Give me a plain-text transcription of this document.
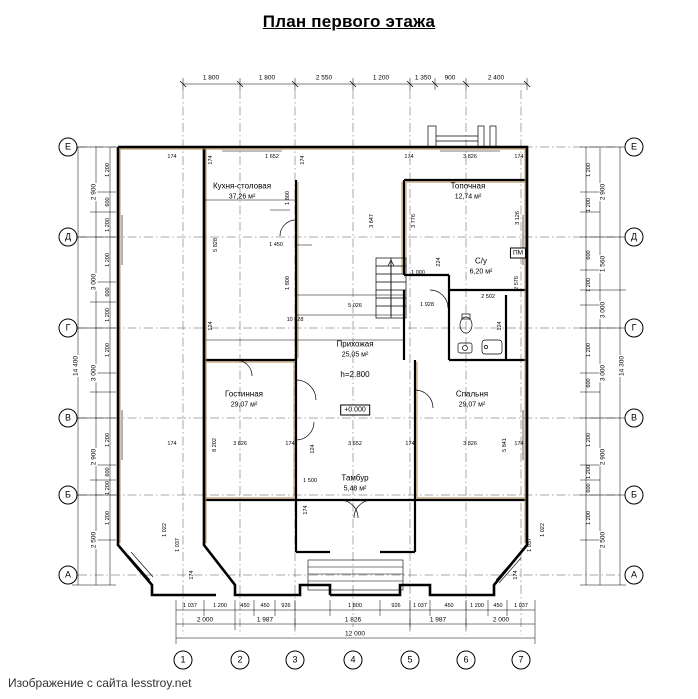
План первого этажа
Е
Д
Г
В
Б
А
Е
Д
Г
В
Б
А
1	2	3	4	5	6	7
1 800	1 800	2 550	1 200	1 350 900	2 400
14 400
2 900
3 000
3 000
2 900
2 500
1 200
600
1 200
1 200
600
1 200
1 200
1 200
600
1 200
1 200
14 300
2 900
1 560
3 000
3 000
2 900
2 500
1 200
1 200
600
1 200
1 200
600
1 200
1 200
600
1 200
1 037	1 200 450 450 926	1 800	926 1 037	450	1 200 450 1 037
2 000	1 987	1 826	1 987	2 000
12 000
174	174	1 652	174	174	3 826	174
1 800
3 647	3 776	3 126
1 450
5 828
1 800
2 502
2 576
10 028
5 026
1 000
1 928
224
124	124
174	8 202	3 826	174
124
3 652	174	3 826	174
5 841
1 500
174
1 022	1 022
1 037	1 037
174	174
Кухня-столовая
37,26 м²
Топочная
12,74 м²
С/у
6,20 м²
Прихожая
25,05 м²
Гостинная
29,07 м²
Спальня
29,07 м²
Тамбур
5,48 м²
h=2.800
+0.000
ПМ
Изображение с сайта lesstroy.net
